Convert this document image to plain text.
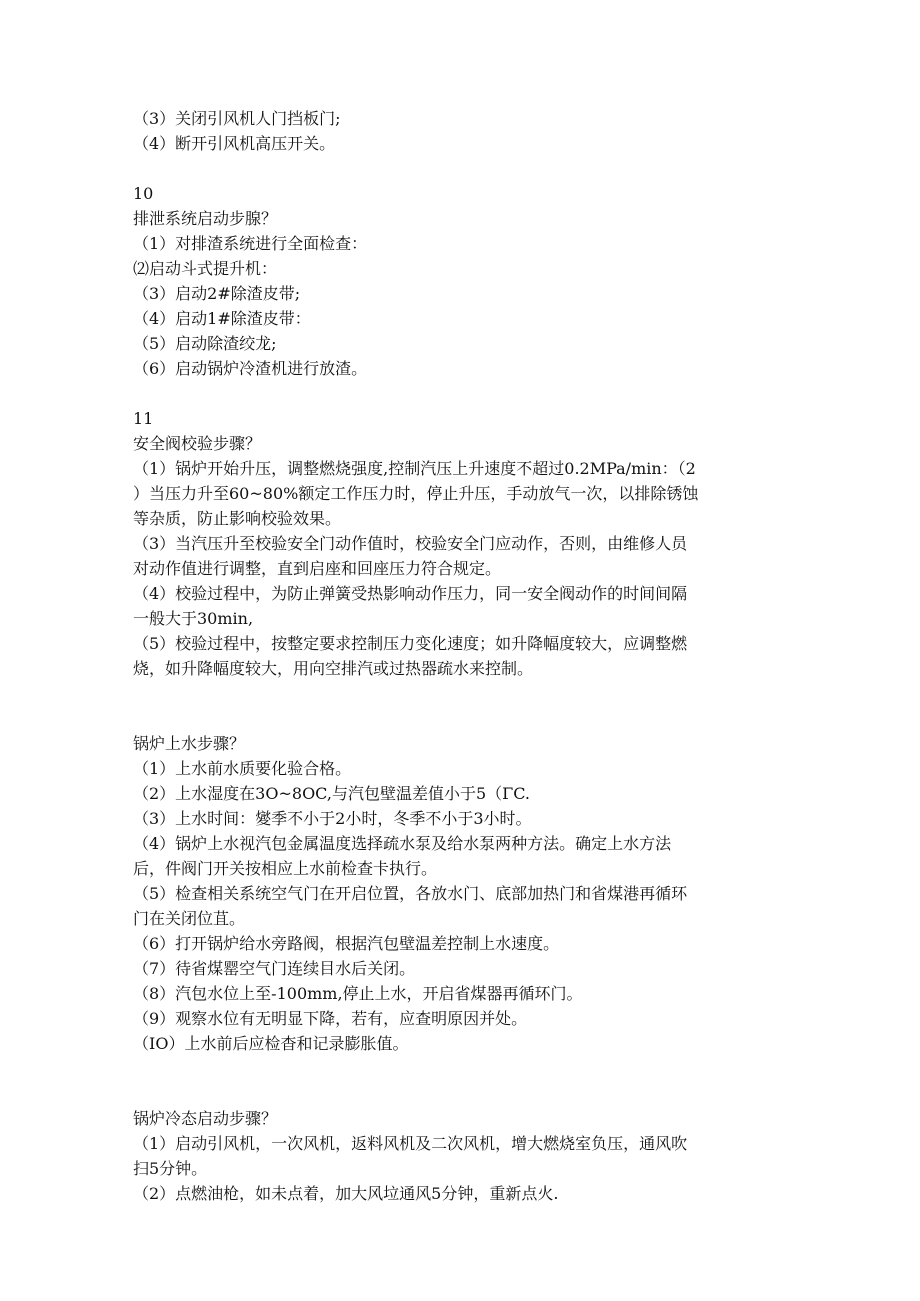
（3）关闭引风机人门挡板门;
（4）断开引风机高压开关。
10
排泄系统启动步腺？
（1）对排渣系统进行全面检查：
⑵启动斗式提升机：
（3）启动2#除渣皮带;
（4）启动1#除渣皮带：
（5）启动除渣绞龙;
（6）启动锅炉冷渣机进行放渣。
11
安全阀校验步骤？
（1）锅炉开始升压，调整燃烧强度,控制汽压上升速度不超过0.2MPa/min：（2
）当压力升至60~80%额定工作压力时，停止升压，手动放气一次，以排除锈蚀
等杂质，防止影响校验效果。
（3）当汽压升至校验安全门动作值时，校验安全门应动作，否则，由维修人员
对动作值进行调整，直到启座和回座压力符合规定。
（4）校验过程中，为防止弹簧受热影响动作压力，同一安全阀动作的时间间隔
一般大于30min,
（5）校验过程中，按整定要求控制压力变化速度；如升降幅度较大，应调整燃
烧，如升降幅度较大，用向空排汽或过热器疏水来控制。
锅炉上水步骤？
（1）上水前水质要化验合格。
（2）上水湿度在3O~8OC,与汽包壁温差值小于5（ΓC.
（3）上水时间：夑季不小于2小时，冬季不小于3小时。
（4）锅炉上水视汽包金属温度选择疏水泵及给水泵两种方法。确定上水方法
后，件阀门开关按相应上水前检查卡执行。
（5）检查相关系统空气门在开启位置，各放水门、底部加热门和省煤港再循环
门在关闭位苴。
（6）打开锅炉给水旁路阀，根据汽包壁温差控制上水速度。
（7）待省煤罂空气门连续目水后关闭。
（8）汽包水位上至-100mm,停止上水，开启省煤器再循环门。
（9）观察水位有无明显下降，若有，应查明原因并处。
（IO）上水前后应检杳和记录膨胀值。
锅炉冷态启动步骤？
（1）启动引风机，一次风机，返料风机及二次风机，增大燃烧室负压，通风吹
扫5分钟。
（2）点燃油枪，如未点着，加大风垃通风5分钟，重新点火.
